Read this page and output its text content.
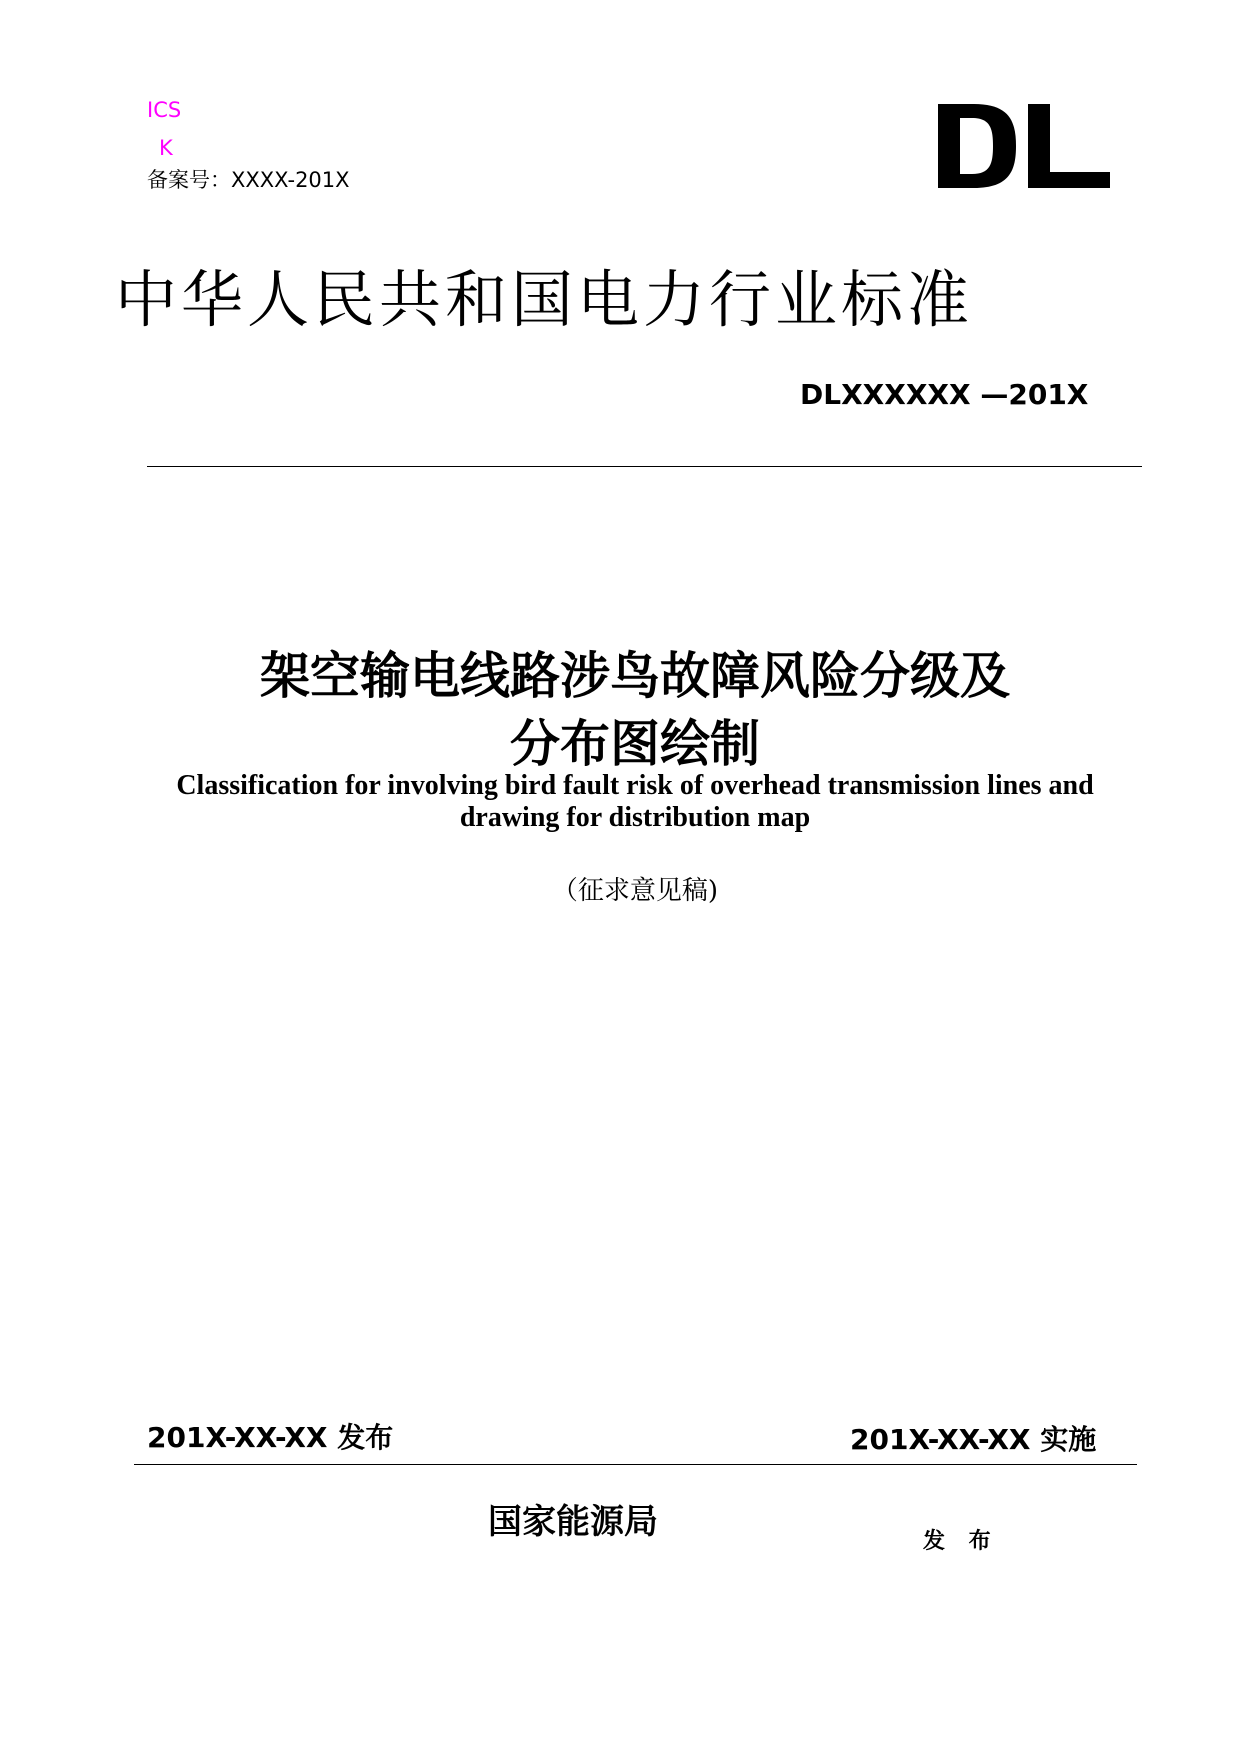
ICS
K
备案号：XXXX-201X
中华人民共和国电力行业标准
DLXXXXXX —201X
架空输电线路涉鸟故障风险分级及
分布图绘制
Classification for involving bird fault risk of overhead transmission lines and drawing for distribution map
（征求意见稿)
201X-XX-XX 发布	201X-XX-XX 实施
国家能源局	发 布
